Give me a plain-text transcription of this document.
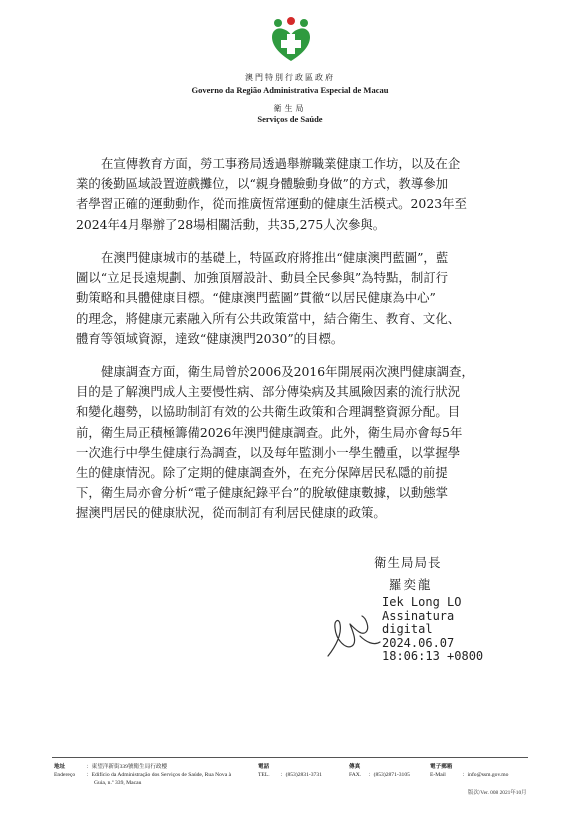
澳門特別行政區政府
Governo da Região Administrativa Especial de Macau
衛生局
Serviços de Saúde
在宣傳教育方面，勞工事務局透過舉辦職業健康工作坊，以及在企
業的後勤區域設置遊戲攤位，以“親身體驗動身做”的方式，教導參加
者學習正確的運動動作，從而推廣恆常運動的健康生活模式。2023年至
2024年4月舉辦了28場相關活動，共35,275人次參與。
在澳門健康城市的基礎上，特區政府將推出“健康澳門藍圖”，藍
圖以“立足長遠規劃、加強頂層設計、動員全民參與”為特點，制訂行
動策略和具體健康目標。“健康澳門藍圖”貫徹“以居民健康為中心”
的理念，將健康元素融入所有公共政策當中，結合衛生、教育、文化、
體育等領域資源，達致“健康澳門2030”的目標。
健康調查方面，衛生局曾於2006及2016年開展兩次澳門健康調查，
目的是了解澳門成人主要慢性病、部分傳染病及其風險因素的流行狀況
和變化趨勢，以協助制訂有效的公共衛生政策和合理調整資源分配。目
前，衛生局正積極籌備2026年澳門健康調查。此外，衛生局亦會每5年
一次進行中學生健康行為調查，以及每年監測小一學生體重，以掌握學
生的健康情況。除了定期的健康調查外，在充分保障居民私隱的前提
下，衛生局亦會分析“電子健康紀錄平台”的脫敏健康數據，以動態掌
握澳門居民的健康狀況，從而制訂有利居民健康的政策。
衛生局局長
羅奕龍
Iek Long LO
Assinatura
digital
2024.06.07
18:06:13 +0800
地址
Endereço
：東望洋新街339號衛生局行政樓
：Edifício da Administração dos Serviços de Saúde, Rua Nova à
Guia, n.º 339, Macau
電話
TEL. ：(853)2831-3731
傳真
FAX. ：(853)2871-3105
電子郵箱
E-Mail	：info@ssm.gov.mo
版次/Ver. 008 2021年10月
